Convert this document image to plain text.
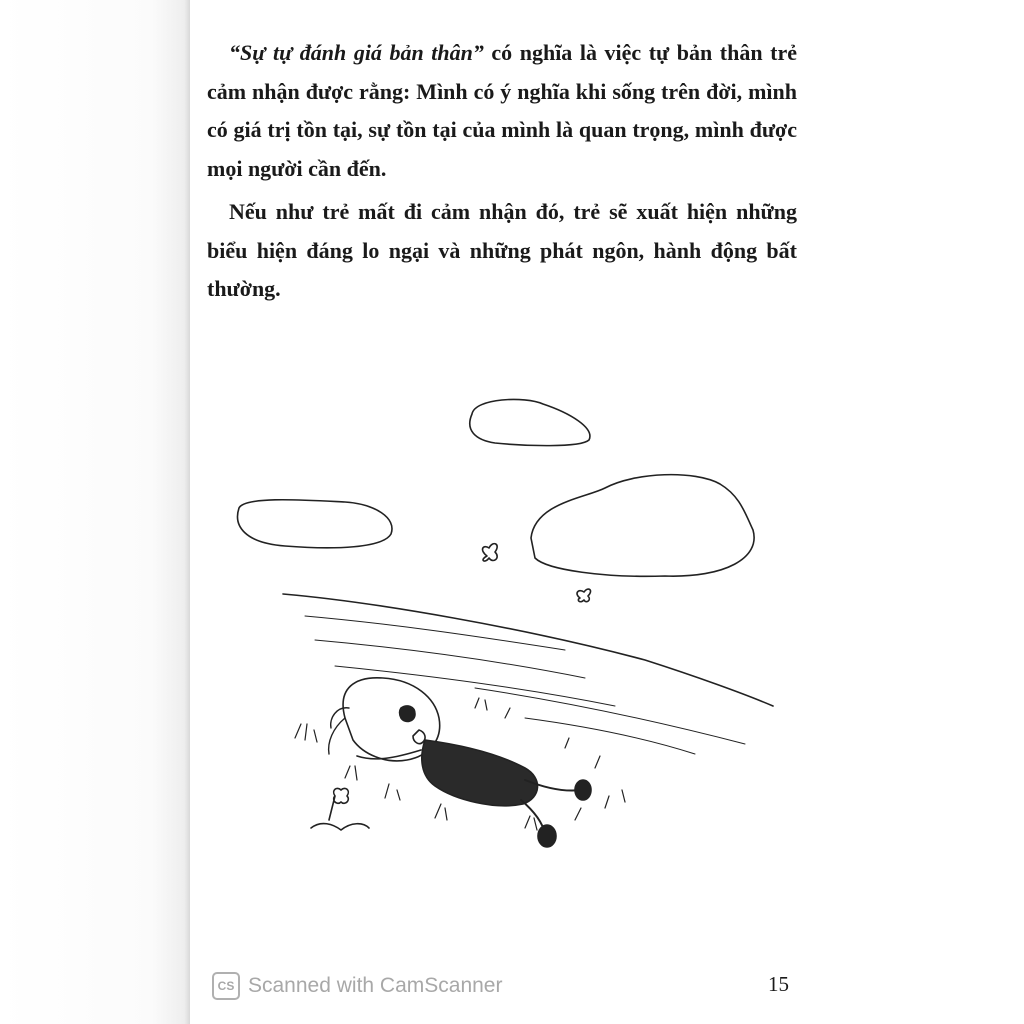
“Sự tự đánh giá bản thân” có nghĩa là việc tự bản thân trẻ cảm nhận được rằng: Mình có ý nghĩa khi sống trên đời, mình có giá trị tồn tại, sự tồn tại của mình là quan trọng, mình được mọi người cần đến.

Nếu như trẻ mất đi cảm nhận đó, trẻ sẽ xuất hiện những biểu hiện đáng lo ngại và những phát ngôn, hành động bất thường.

CS Scanned with CamScanner	15
